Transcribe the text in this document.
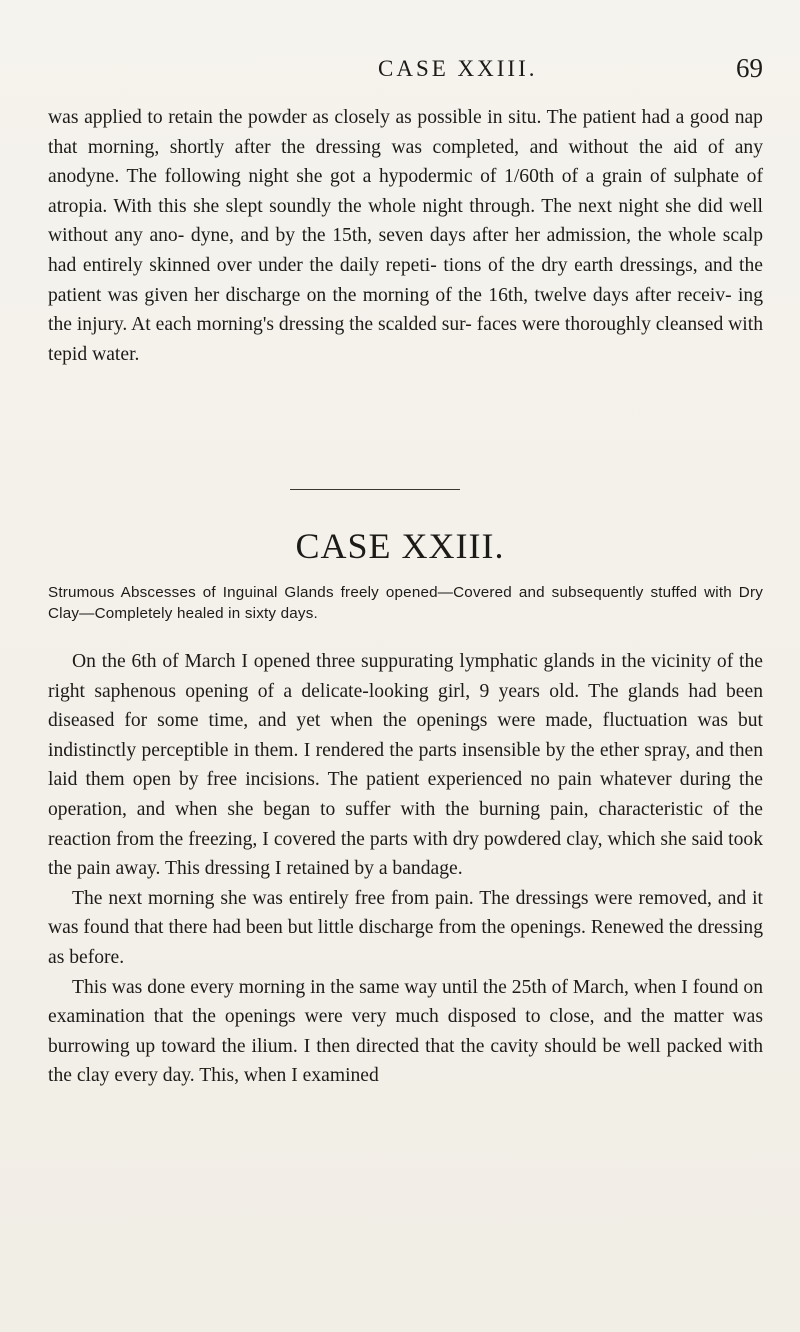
CASE XXIII.	69
was applied to retain the powder as closely as possible in situ. The patient had a good nap that morning, shortly after the dressing was completed, and without the aid of any anodyne. The following night she got a hypodermic of 1/60th of a grain of sulphate of atropia. With this she slept soundly the whole night through. The next night she did well without any ano- dyne, and by the 15th, seven days after her admission, the whole scalp had entirely skinned over under the daily repeti- tions of the dry earth dressings, and the patient was given her discharge on the morning of the 16th, twelve days after receiv- ing the injury. At each morning's dressing the scalded sur- faces were thoroughly cleansed with tepid water.
CASE XXIII.
Strumous Abscesses of Inguinal Glands freely opened—Covered and subsequently stuffed with Dry Clay—Completely healed in sixty days.

On the 6th of March I opened three suppurating lymphatic glands in the vicinity of the right saphenous opening of a delicate-looking girl, 9 years old. The glands had been diseased for some time, and yet when the openings were made, fluctuation was but indistinctly perceptible in them. I rendered the parts insensible by the ether spray, and then laid them open by free incisions. The patient experienced no pain whatever during the operation, and when she began to suffer with the burning pain, characteristic of the reaction from the freezing, I covered the parts with dry powdered clay, which she said took the pain away. This dressing I retained by a bandage.

The next morning she was entirely free from pain. The dressings were removed, and it was found that there had been but little discharge from the openings. Renewed the dressing as before.

This was done every morning in the same way until the 25th of March, when I found on examination that the openings were very much disposed to close, and the matter was burrowing up toward the ilium. I then directed that the cavity should be well packed with the clay every day. This, when I examined
